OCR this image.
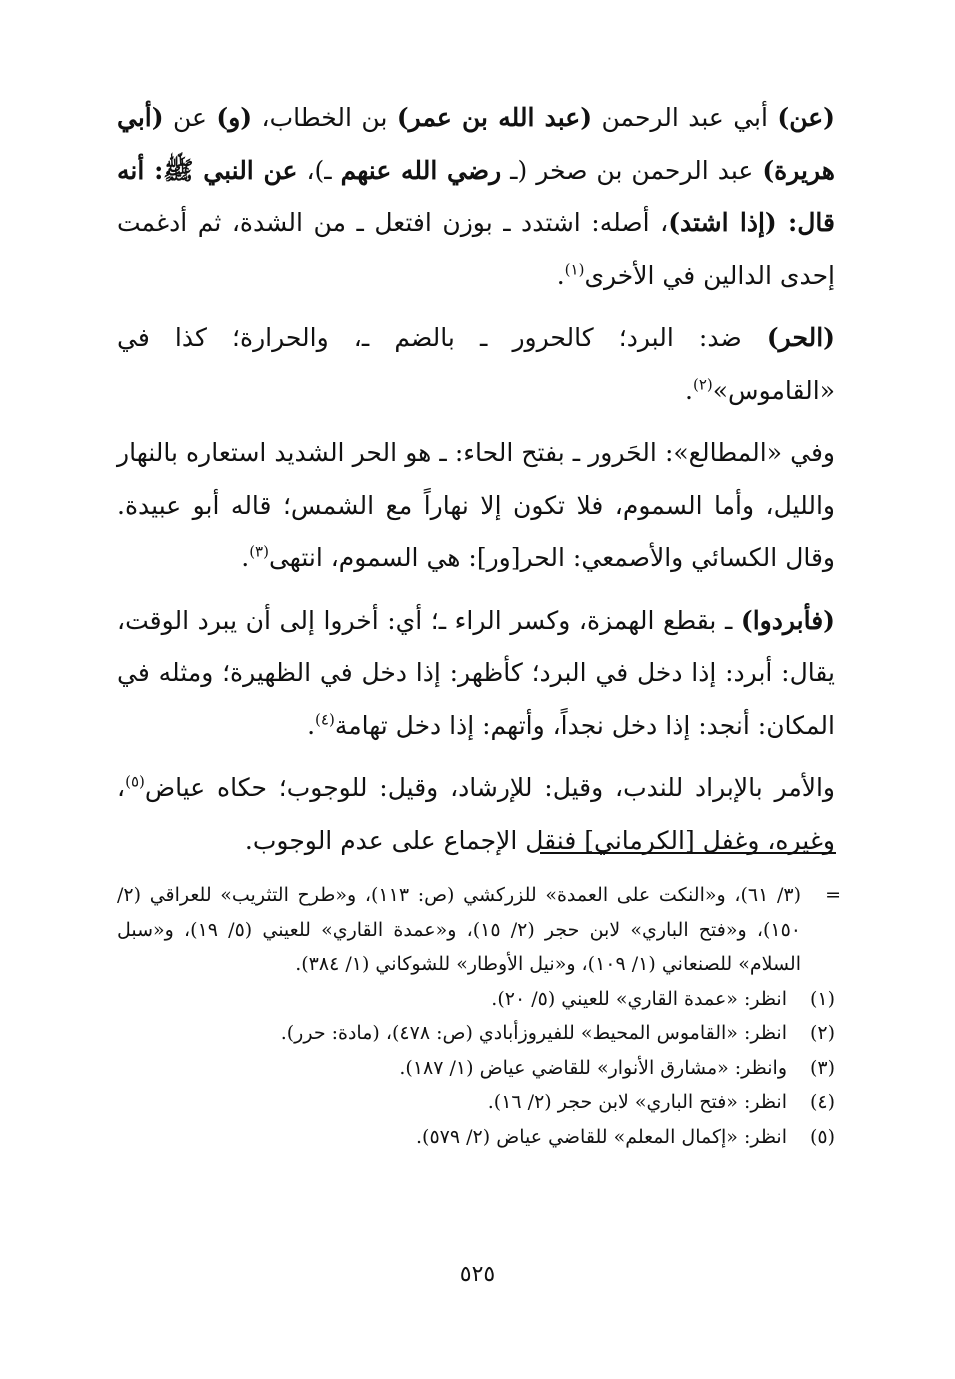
(عن) أبي عبد الرحمن (عبد الله بن عمر) بن الخطاب، (و) عن (أبي هريرة) عبد الرحمن بن صخر (ـ رضي الله عنهم ـ)، عن النبي ﷺ: أنه قال: (إذا اشتد)، أصله: اشتدد ـ بوزن افتعل ـ من الشدة، ثم أدغمت إحدى الدالين في الأخرى$^{(١)}$.

(الحر) ضد: البرد؛ كالحرور ـ بالضم ـ، والحرارة؛ كذا في «القاموس»$^{(٢)}$.

وفي «المطالع»: الحَرور ـ بفتح الحاء: ـ هو الحر الشديد استعاره بالنهار والليل، وأما السموم، فلا تكون إلا نهاراً مع الشمس؛ قاله أبو عبيدة. وقال الكسائي والأصمعي: الحر[ور]: هي السموم، انتهى$^{(٣)}$.

(فأبردوا) ـ بقطع الهمزة، وكسر الراء ـ؛ أي: أخروا إلى أن يبرد الوقت، يقال: أبرد: إذا دخل في البرد؛ كأظهر: إذا دخل في الظهيرة؛ ومثله في المكان: أنجد: إذا دخل نجداً، وأتهم: إذا دخل تهامة$^{(٤)}$.

والأمر بالإبراد للندب، وقيل: للإرشاد، وقيل: للوجوب؛ حكاه عياض$^{(٥)}$، وغيره، وغفل [الكرماني] فنقل الإجماع على عدم الوجوب.

=
(٣/ ٦١)، و«النكت على العمدة» للزركشي (ص: ١١٣)، و«طرح التثريب» للعراقي (٢/ ١٥٠)، و«فتح الباري» لابن حجر (٢/ ١٥)، و«عمدة القاري» للعيني (٥/ ١٩)، و«سبل السلام» للصنعاني (١/ ١٠٩)، و«نيل الأوطار» للشوكاني (١/ ٣٨٤).
(١)
انظر: «عمدة القاري» للعيني (٥/ ٢٠).
(٢)
انظر: «القاموس المحيط» للفيروزأبادي (ص: ٤٧٨)، (مادة: حرر).
(٣)
وانظر: «مشارق الأنوار» للقاضي عياض (١/ ١٨٧).
(٤)
انظر: «فتح الباري» لابن حجر (٢/ ١٦).
(٥)
انظر: «إكمال المعلم» للقاضي عياض (٢/ ٥٧٩).
٥٢٥
